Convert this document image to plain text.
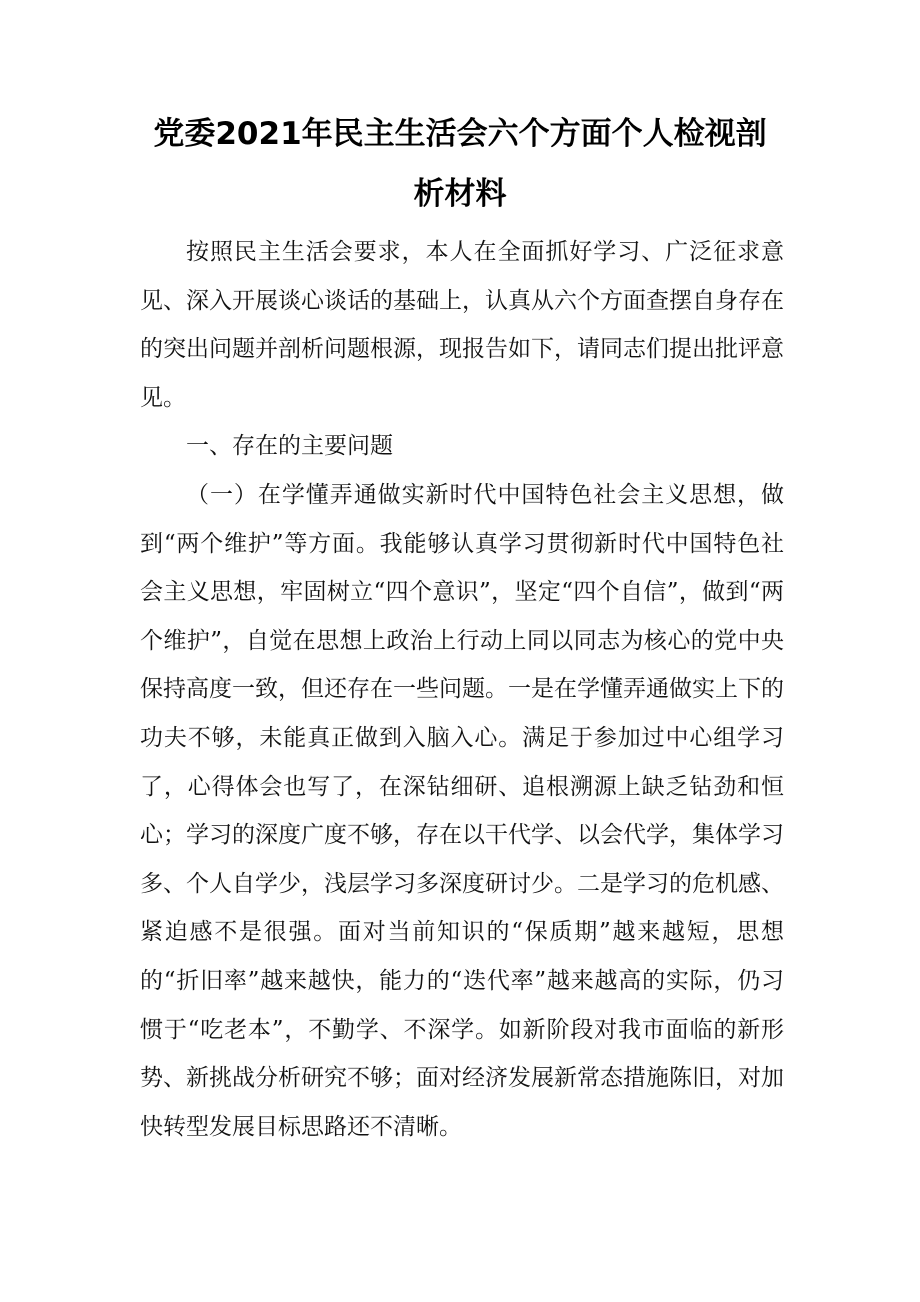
党委2021年民主生活会六个方面个人检视剖析材料

按照民主生活会要求，本人在全面抓好学习、广泛征求意见、深入开展谈心谈话的基础上，认真从六个方面查摆自身存在的突出问题并剖析问题根源，现报告如下，请同志们提出批评意见。

一、存在的主要问题

（一）在学懂弄通做实新时代中国特色社会主义思想，做到“两个维护”等方面。我能够认真学习贯彻新时代中国特色社会主义思想，牢固树立“四个意识”，坚定“四个自信”，做到“两个维护”，自觉在思想上政治上行动上同以同志为核心的党中央保持高度一致，但还存在一些问题。一是在学懂弄通做实上下的功夫不够，未能真正做到入脑入心。满足于参加过中心组学习了，心得体会也写了，在深钻细研、追根溯源上缺乏钻劲和恒心；学习的深度广度不够，存在以干代学、以会代学，集体学习多、个人自学少，浅层学习多深度研讨少。二是学习的危机感、紧迫感不是很强。面对当前知识的“保质期”越来越短，思想的“折旧率”越来越快，能力的“迭代率”越来越高的实际，仍习惯于“吃老本”，不勤学、不深学。如新阶段对我市面临的新形势、新挑战分析研究不够；面对经济发展新常态措施陈旧，对加快转型发展目标思路还不清晰。
